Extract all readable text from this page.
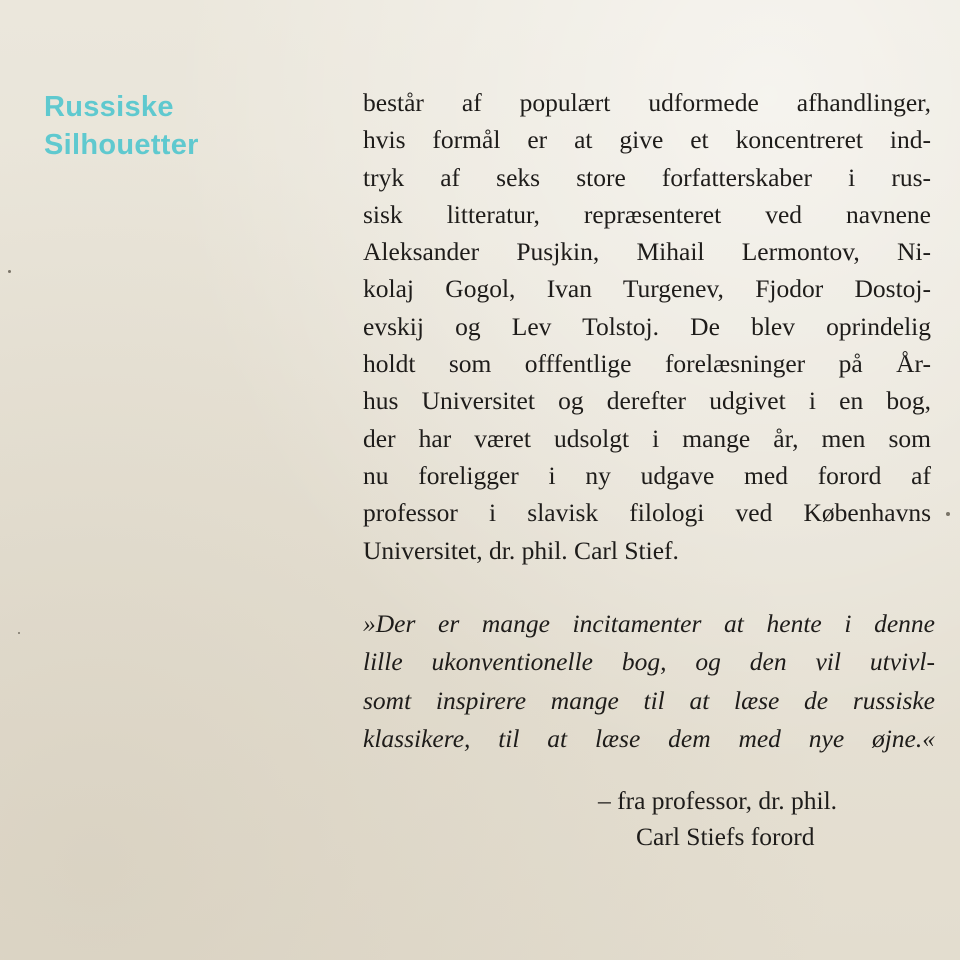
Russiske
Silhouetter
består af populært udformede afhandlinger,
hvis formål er at give et koncentreret ind-
tryk af seks store forfatterskaber i rus-
sisk litteratur, repræsenteret ved navnene
Aleksander Pusjkin, Mihail Lermontov, Ni-
kolaj Gogol, Ivan Turgenev, Fjodor Dostoj-
evskij og Lev Tolstoj. De blev oprindelig
holdt som offfentlige forelæsninger på År-
hus Universitet og derefter udgivet i en bog,
der har været udsolgt i mange år, men som
nu foreligger i ny udgave med forord af
professor i slavisk filologi ved Københavns
Universitet, dr. phil. Carl Stief.
»Der er mange incitamenter at hente i denne
lille ukonventionelle bog, og den vil utvivl-
somt inspirere mange til at læse de russiske
klassikere, til at læse dem med nye øjne.«
– fra professor, dr. phil.
Carl Stiefs forord
